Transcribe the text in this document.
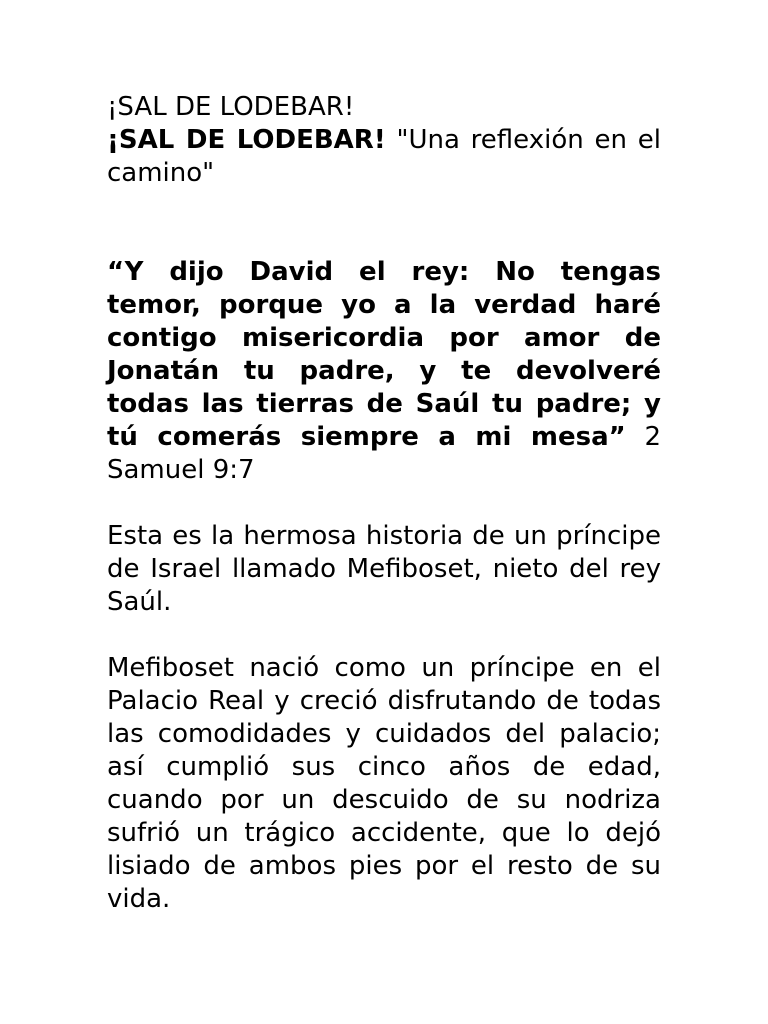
¡SAL DE LODEBAR!

¡SAL DE LODEBAR! "Una reflexión en el camino"

“Y dijo David el rey: No tengas temor, porque yo a la verdad haré contigo misericordia por amor de Jonatán tu padre, y te devolveré todas las tierras de Saúl tu padre; y tú comerás siempre a mi mesa” 2 Samuel 9:7

Esta es la hermosa historia de un príncipe de Israel llamado Mefiboset, nieto del rey Saúl.

Mefiboset nació como un príncipe en el Palacio Real y creció disfrutando de todas las comodidades y cuidados del palacio; así cumplió sus cinco años de edad, cuando por un descuido de su nodriza sufrió un trágico accidente, que lo dejó lisiado de ambos pies por el resto de su vida.
